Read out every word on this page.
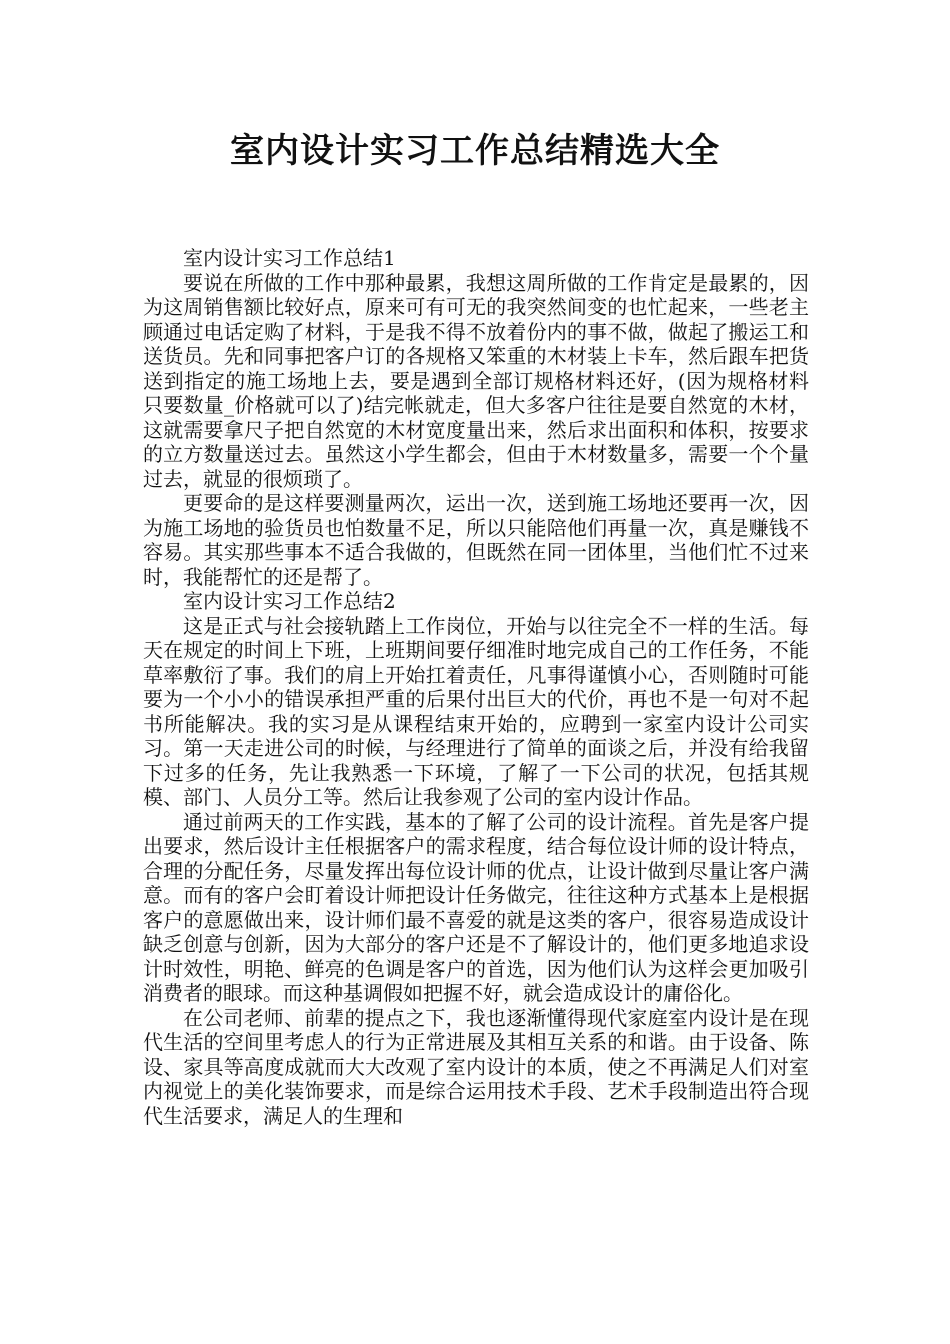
室内设计实习工作总结精选大全

室内设计实习工作总结1

要说在所做的工作中那种最累，我想这周所做的工作肯定是最累的，因为这周销售额比较好点，原来可有可无的我突然间变的也忙起来，一些老主顾通过电话定购了材料，于是我不得不放着份内的事不做，做起了搬运工和送货员。先和同事把客户订的各规格又笨重的木材装上卡车，然后跟车把货送到指定的施工场地上去，要是遇到全部订规格材料还好，(因为规格材料只要数量_价格就可以了)结完帐就走，但大多客户往往是要自然宽的木材，这就需要拿尺子把自然宽的木材宽度量出来，然后求出面积和体积，按要求的立方数量送过去。虽然这小学生都会，但由于木材数量多，需要一个个量过去，就显的很烦琐了。

更要命的是这样要测量两次，运出一次，送到施工场地还要再一次，因为施工场地的验货员也怕数量不足，所以只能陪他们再量一次，真是赚钱不容易。其实那些事本不适合我做的，但既然在同一团体里，当他们忙不过来时，我能帮忙的还是帮了。

室内设计实习工作总结2

这是正式与社会接轨踏上工作岗位，开始与以往完全不一样的生活。每天在规定的时间上下班，上班期间要仔细准时地完成自己的工作任务，不能草率敷衍了事。我们的肩上开始扛着责任，凡事得谨慎小心，否则随时可能要为一个小小的错误承担严重的后果付出巨大的代价，再也不是一句对不起书所能解决。我的实习是从课程结束开始的，应聘到一家室内设计公司实习。第一天走进公司的时候，与经理进行了简单的面谈之后，并没有给我留下过多的任务，先让我熟悉一下环境，了解了一下公司的状况，包括其规模、部门、人员分工等。然后让我参观了公司的室内设计作品。

通过前两天的工作实践，基本的了解了公司的设计流程。首先是客户提出要求，然后设计主任根据客户的需求程度，结合每位设计师的设计特点，合理的分配任务，尽量发挥出每位设计师的优点，让设计做到尽量让客户满意。而有的客户会盯着设计师把设计任务做完，往往这种方式基本上是根据客户的意愿做出来，设计师们最不喜爱的就是这类的客户，很容易造成设计缺乏创意与创新，因为大部分的客户还是不了解设计的，他们更多地追求设计时效性，明艳、鲜亮的色调是客户的首选，因为他们认为这样会更加吸引消费者的眼球。而这种基调假如把握不好，就会造成设计的庸俗化。

在公司老师、前辈的提点之下，我也逐渐懂得现代家庭室内设计是在现代生活的空间里考虑人的行为正常进展及其相互关系的和谐。由于设备、陈设、家具等高度成就而大大改观了室内设计的本质，使之不再满足人们对室内视觉上的美化装饰要求，而是综合运用技术手段、艺术手段制造出符合现代生活要求，满足人的生理和
